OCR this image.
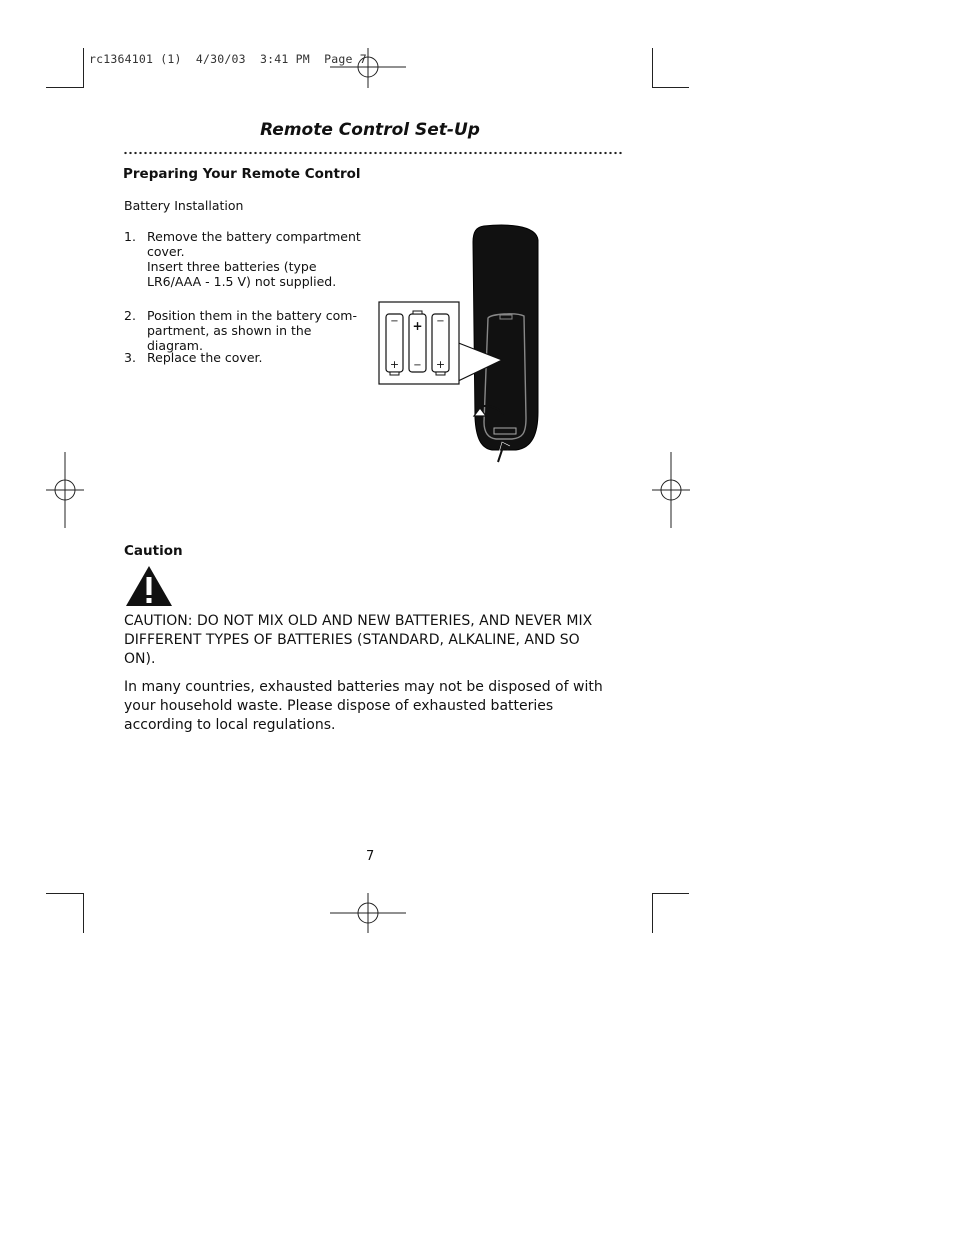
rc1364101 (1)  4/30/03  3:41 PM  Page 7
Remote Control Set-Up
Preparing Your Remote Control
Battery Installation
1. Remove the battery compartment
cover.
Insert three batteries (type
LR6/AAA - 1.5 V) not supplied.
2. Position them in the battery com-
partment, as shown in the diagram.
3. Replace the cover.
−
+
+
−
−
+
Caution
CAUTION: DO NOT MIX OLD AND NEW BATTERIES, AND NEVER MIX DIFFERENT TYPES OF BATTERIES (STANDARD, ALKALINE, AND SO ON).
In many countries, exhausted batteries may not be disposed of with your household waste. Please dispose of exhausted batteries according to local regulations.
7
